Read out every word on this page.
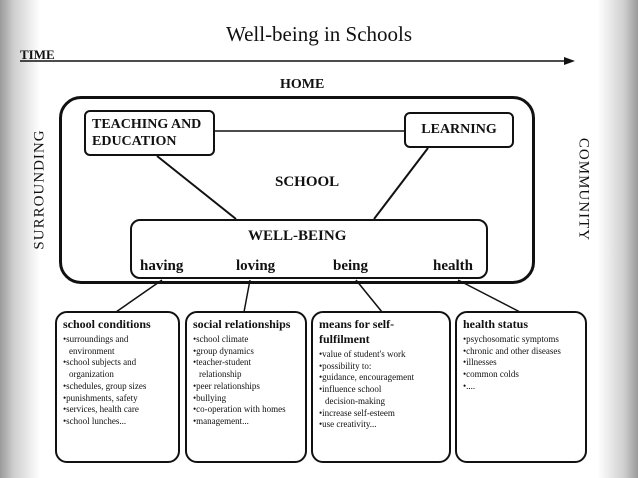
Well-being in Schools
TIME
HOME
SURROUNDING	COMMUNITY
TEACHING AND EDUCATION
LEARNING
SCHOOL
WELL-BEING
having	loving	being	health
school conditions
•surroundings and
environment
•school subjects and
organization
•schedules, group sizes
•punishments, safety
•services, health care
•school lunches...
social relationships
•school climate
•group dynamics
•teacher-student
relationship
•peer relationships
•bullying
•co-operation with homes
•management...
means for self-fulfilment
•value of student's work
•possibility to:
•guidance, encouragement
•influence school
decision-making
•increase self-esteem
•use creativity...
health status
•psychosomatic symptoms
•chronic and other diseases
•illnesses
•common colds
•....
